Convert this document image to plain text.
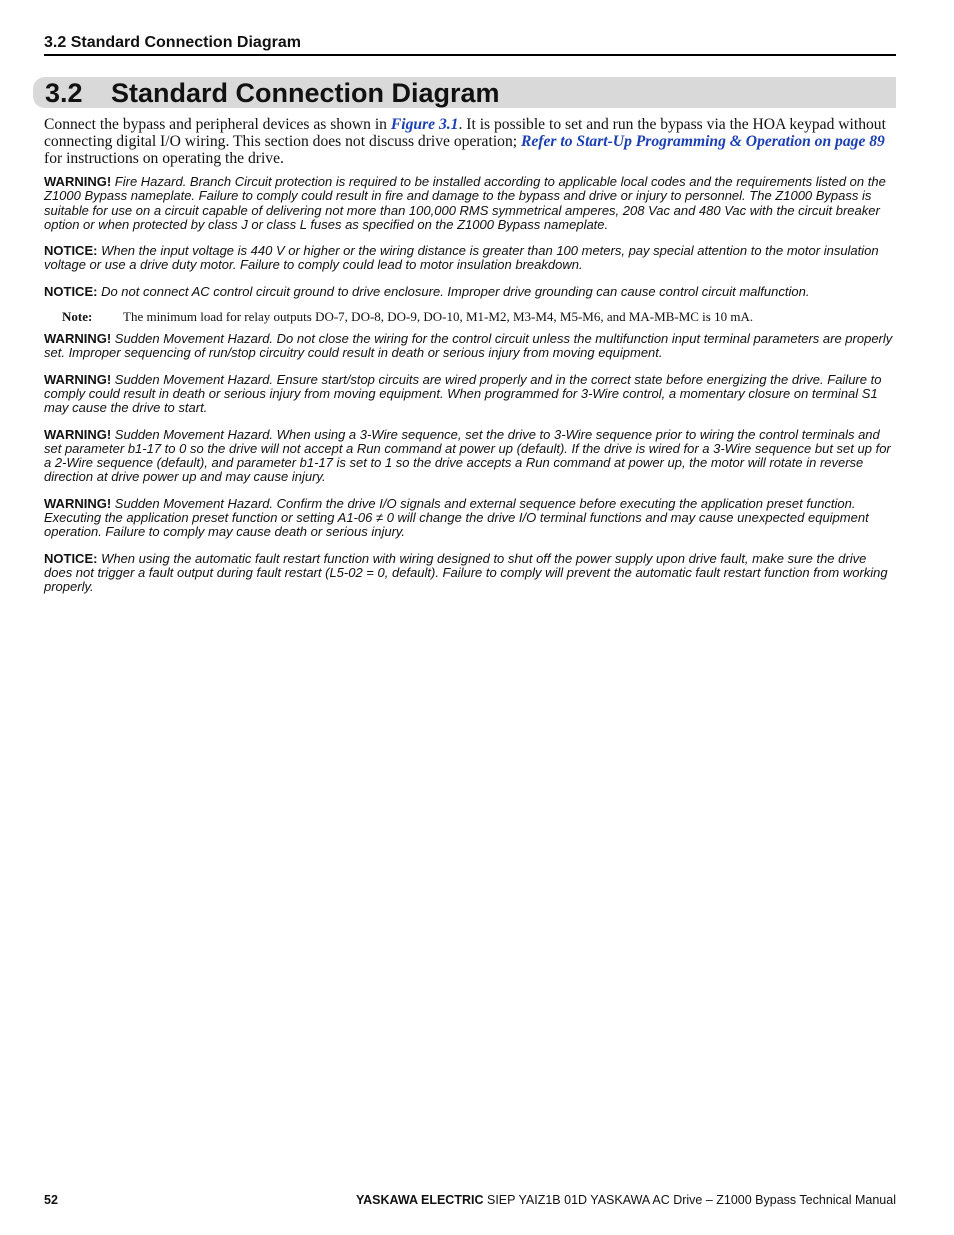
3.2 Standard Connection Diagram
3.2 Standard Connection Diagram

Connect the bypass and peripheral devices as shown in Figure 3.1. It is possible to set and run the bypass via the HOA keypad without connecting digital I/O wiring. This section does not discuss drive operation; Refer to Start-Up Programming & Operation on page 89 for instructions on operating the drive.

WARNING! Fire Hazard. Branch Circuit protection is required to be installed according to applicable local codes and the requirements listed on the Z1000 Bypass nameplate. Failure to comply could result in fire and damage to the bypass and drive or injury to personnel. The Z1000 Bypass is suitable for use on a circuit capable of delivering not more than 100,000 RMS symmetrical amperes, 208 Vac and 480 Vac with the circuit breaker option or when protected by class J or class L fuses as specified on the Z1000 Bypass nameplate.

NOTICE: When the input voltage is 440 V or higher or the wiring distance is greater than 100 meters, pay special attention to the motor insulation voltage or use a drive duty motor. Failure to comply could lead to motor insulation breakdown.

NOTICE: Do not connect AC control circuit ground to drive enclosure. Improper drive grounding can cause control circuit malfunction.

Note:	The minimum load for relay outputs DO-7, DO-8, DO-9, DO-10, M1-M2, M3-M4, M5-M6, and MA-MB-MC is 10 mA.

WARNING! Sudden Movement Hazard. Do not close the wiring for the control circuit unless the multifunction input terminal parameters are properly set. Improper sequencing of run/stop circuitry could result in death or serious injury from moving equipment.

WARNING! Sudden Movement Hazard. Ensure start/stop circuits are wired properly and in the correct state before energizing the drive. Failure to comply could result in death or serious injury from moving equipment. When programmed for 3-Wire control, a momentary closure on terminal S1 may cause the drive to start.

WARNING! Sudden Movement Hazard. When using a 3-Wire sequence, set the drive to 3-Wire sequence prior to wiring the control terminals and set parameter b1-17 to 0 so the drive will not accept a Run command at power up (default). If the drive is wired for a 3-Wire sequence but set up for a 2-Wire sequence (default), and parameter b1-17 is set to 1 so the drive accepts a Run command at power up, the motor will rotate in reverse direction at drive power up and may cause injury.

WARNING! Sudden Movement Hazard. Confirm the drive I/O signals and external sequence before executing the application preset function. Executing the application preset function or setting A1-06 ≠ 0 will change the drive I/O terminal functions and may cause unexpected equipment operation. Failure to comply may cause death or serious injury.

NOTICE: When using the automatic fault restart function with wiring designed to shut off the power supply upon drive fault, make sure the drive does not trigger a fault output during fault restart (L5-02 = 0, default). Failure to comply will prevent the automatic fault restart function from working properly.

52	YASKAWA ELECTRIC SIEP YAIZ1B 01D YASKAWA AC Drive – Z1000 Bypass Technical Manual
